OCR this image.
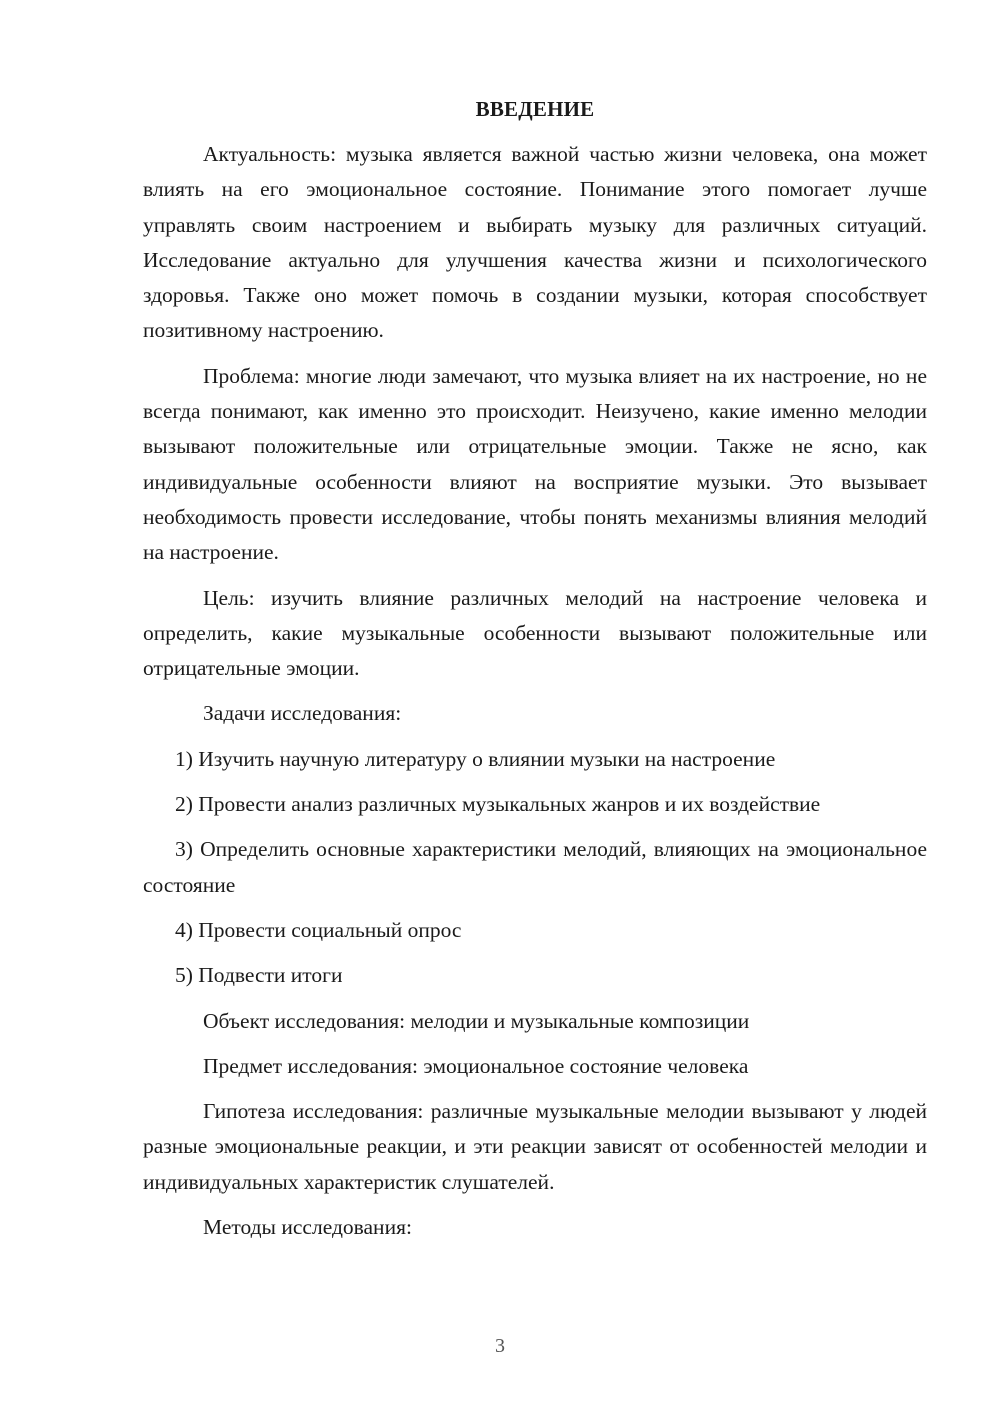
ВВЕДЕНИЕ

Актуальность: музыка является важной частью жизни человека, она может влиять на его эмоциональное состояние. Понимание этого помогает лучше управлять своим настроением и выбирать музыку для различных ситуаций. Исследование актуально для улучшения качества жизни и психологического здоровья. Также оно может помочь в создании музыки, которая способствует позитивному настроению.

Проблема: многие люди замечают, что музыка влияет на их настроение, но не всегда понимают, как именно это происходит. Неизучено, какие именно мелодии вызывают положительные или отрицательные эмоции. Также не ясно, как индивидуальные особенности влияют на восприятие музыки. Это вызывает необходимость провести исследование, чтобы понять механизмы влияния мелодий на настроение.

Цель: изучить влияние различных мелодий на настроение человека и определить, какие музыкальные особенности вызывают положительные или отрицательные эмоции.

Задачи исследования:

1) Изучить научную литературу о влиянии музыки на настроение

2) Провести анализ различных музыкальных жанров и их воздействие

3) Определить основные характеристики мелодий, влияющих на эмоциональное состояние

4) Провести социальный опрос

5) Подвести итоги

Объект исследования: мелодии и музыкальные композиции

Предмет исследования: эмоциональное состояние человека

Гипотеза исследования: различные музыкальные мелодии вызывают у людей разные эмоциональные реакции, и эти реакции зависят от особенностей мелодии и индивидуальных характеристик слушателей.

Методы исследования:

3
